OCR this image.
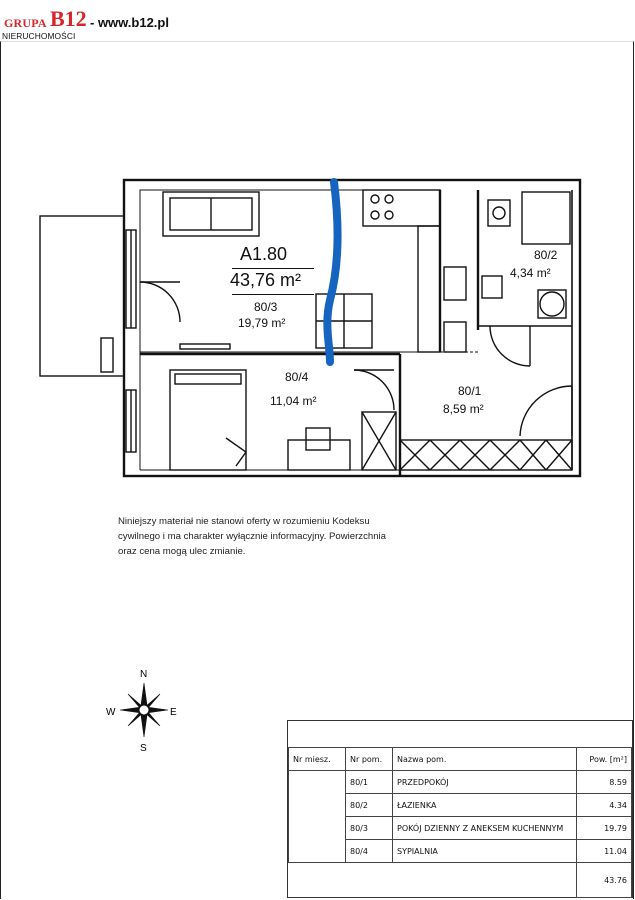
GRUPA B12
NIERUCHOMOŚCI
- www.b12.pl
A1.80
43,76 m²
80/3
19,79 m²
80/4
11,04 m²
80/1
8,59 m²
80/2
4,34 m²
Niniejszy materiał nie stanowi oferty w rozumieniu Kodeksu
cywilnego i ma charakter wyłącznie informacyjny. Powierzchnia
oraz cena mogą ulec zmianie.
N
S
E
W

Nr miesz.	Nr pom.	Nazwa pom.	Pow. [m²]
	80/1	PRZEDPOKÓJ	8.59
	80/2	ŁAZIENKA	4.34
	80/3	POKÓJ DZIENNY Z ANEKSEM KUCHENNYM	19.79
	80/4	SYPIALNIA	11.04
			43.76
